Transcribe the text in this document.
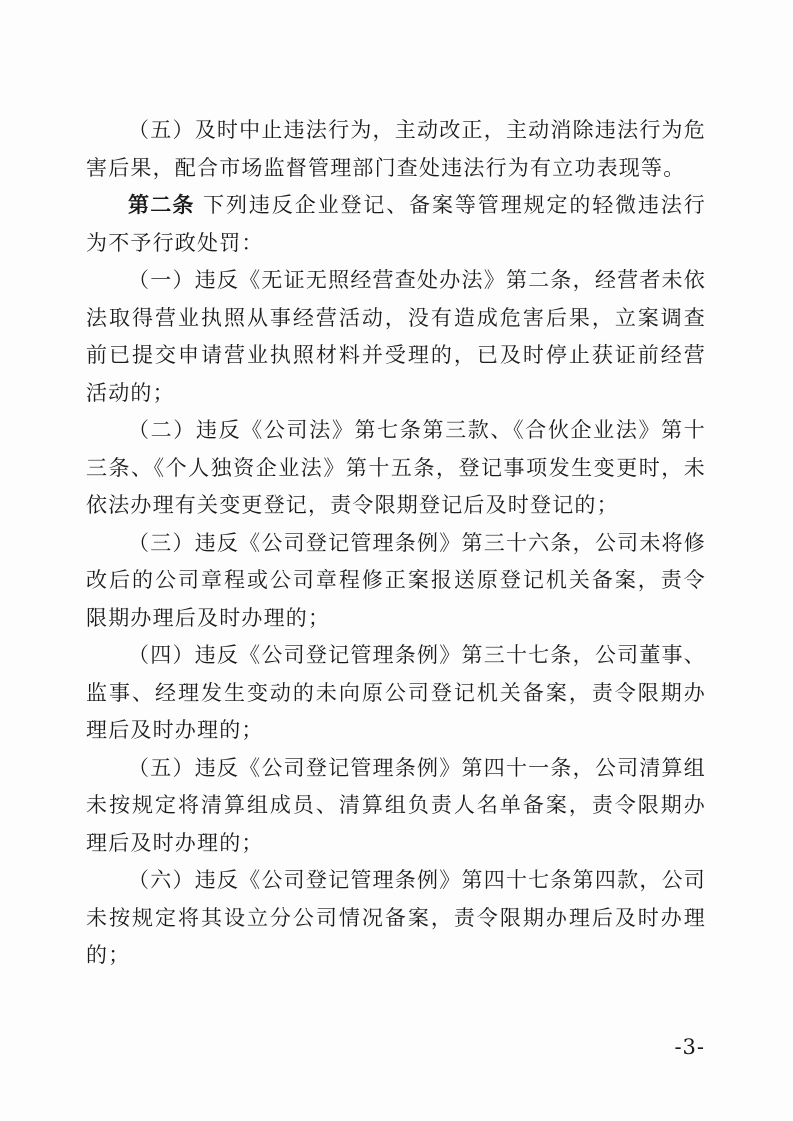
（五）及时中止违法行为，主动改正，主动消除违法行为危害后果，配合市场监督管理部门查处违法行为有立功表现等。

第二条 下列违反企业登记、备案等管理规定的轻微违法行为不予行政处罚：

（一）违反《无证无照经营查处办法》第二条，经营者未依法取得营业执照从事经营活动，没有造成危害后果，立案调查前已提交申请营业执照材料并受理的，已及时停止获证前经营活动的；

（二）违反《公司法》第七条第三款、《合伙企业法》第十三条、《个人独资企业法》第十五条，登记事项发生变更时，未依法办理有关变更登记，责令限期登记后及时登记的；

（三）违反《公司登记管理条例》第三十六条，公司未将修改后的公司章程或公司章程修正案报送原登记机关备案，责令限期办理后及时办理的；

（四）违反《公司登记管理条例》第三十七条，公司董事、监事、经理发生变动的未向原公司登记机关备案，责令限期办理后及时办理的；

（五）违反《公司登记管理条例》第四十一条，公司清算组未按规定将清算组成员、清算组负责人名单备案，责令限期办理后及时办理的；

（六）违反《公司登记管理条例》第四十七条第四款，公司未按规定将其设立分公司情况备案，责令限期办理后及时办理的；

-3-
